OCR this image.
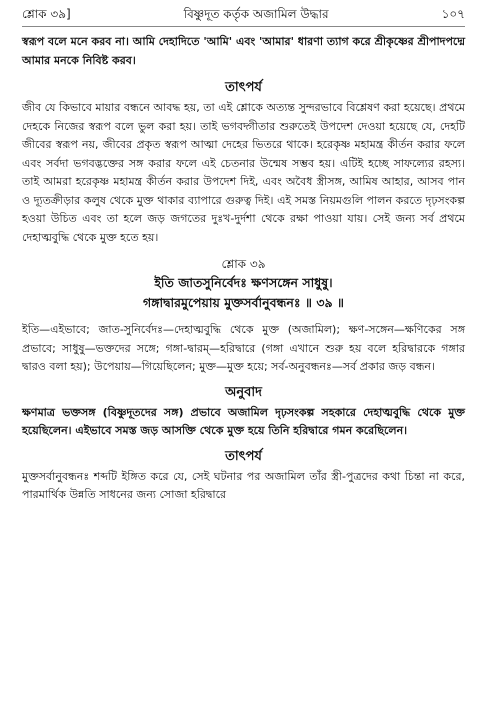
শ্লোক ৩৯]	বিষ্ণুদূত কর্তৃক অজামিল উদ্ধার	১০৭

স্বরূপ বলে মনে করব না। আমি দেহাদিতে 'আমি' এবং 'আমার' ধারণা ত্যাগ করে শ্রীকৃষ্ণের শ্রীপাদপদ্মে আমার মনকে নিবিষ্ট করব।

তাৎপর্য

জীব যে কিভাবে মায়ার বন্ধনে আবদ্ধ হয়, তা এই শ্লোকে অত্যন্ত সুন্দরভাবে বিশ্লেষণ করা হয়েছে। প্রথমে দেহকে নিজের স্বরূপ বলে ভুল করা হয়। তাই ভগবদ্গীতার শুরুতেই উপদেশ দেওয়া হয়েছে যে, দেহটি জীবের স্বরূপ নয়, জীবের প্রকৃত স্বরূপ আত্মা দেহের ভিতরে থাকে। হরেকৃষ্ণ মহামন্ত্র কীর্তন করার ফলে এবং সর্বদা ভগবদ্ভক্তের সঙ্গ করার ফলে এই চেতনার উন্মেষ সম্ভব হয়। এটিই হচ্ছে সাফল্যের রহস্য। তাই আমরা হরেকৃষ্ণ মহামন্ত্র কীর্তন করার উপদেশ দিই, এবং অবৈধ স্ত্রীসঙ্গ, আমিষ আহার, আসব পান ও দ্যূতক্রীড়ার কলুষ থেকে মুক্ত থাকার ব্যাপারে গুরুত্ব দিই। এই সমস্ত নিয়মগুলি পালন করতে দৃঢ়সংকল্প হওয়া উচিত এবং তা হলে জড় জগতের দুঃখ-দুর্দশা থেকে রক্ষা পাওয়া যায়। সেই জন্য সর্ব প্রথমে দেহাত্মবুদ্ধি থেকে মুক্ত হতে হয়।

শ্লোক ৩৯
ইতি জাতসুনির্বেদঃ ক্ষণসঙ্গেন সাধুষু।
গঙ্গাদ্বারমুপেয়ায় মুক্তসর্বানুবন্ধনঃ ॥ ৩৯ ॥

ইতি—এইভাবে; জাত-সুনির্বেদঃ—দেহাত্মবুদ্ধি থেকে মুক্ত (অজামিল); ক্ষণ-সঙ্গেন—ক্ষণিকের সঙ্গ প্রভাবে; সাধুষু—ভক্তদের সঙ্গে; গঙ্গা-দ্বারম্—হরিদ্বারে (গঙ্গা এখানে শুরু হয় বলে হরিদ্বারকে গঙ্গার দ্বারও বলা হয়); উপেয়ায়—গিয়েছিলেন; মুক্ত—মুক্ত হয়ে; সর্ব-অনুবন্ধনঃ—সর্ব প্রকার জড় বন্ধন।

অনুবাদ

ক্ষণমাত্র ভক্তসঙ্গ (বিষ্ণুদূতদের সঙ্গ) প্রভাবে অজামিল দৃঢ়সংকল্প সহকারে দেহাত্মবুদ্ধি থেকে মুক্ত হয়েছিলেন। এইভাবে সমস্ত জড় আসক্তি থেকে মুক্ত হয়ে তিনি হরিদ্বারে গমন করেছিলেন।

তাৎপর্য

মুক্তসর্বানুবন্ধনঃ শব্দটি ইঙ্গিত করে যে, সেই ঘটনার পর অজামিল তাঁর স্ত্রী-পুত্রদের কথা চিন্তা না করে, পারমার্থিক উন্নতি সাধনের জন্য সোজা হরিদ্বারে
